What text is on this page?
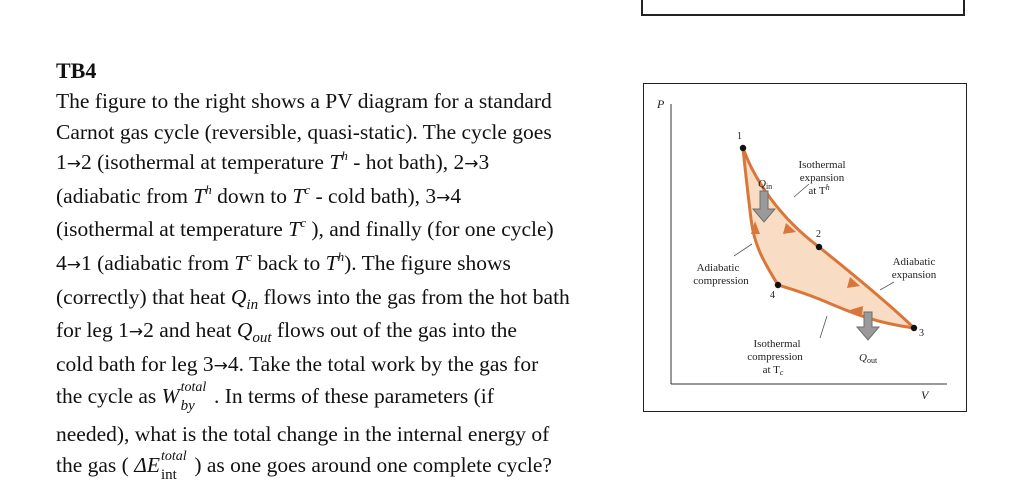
TB4
The figure to the right shows a PV diagram for a standard
Carnot gas cycle (reversible, quasi-static). The cycle goes
1→2 (isothermal at temperature $T^h$ - hot bath), 2→3
(adiabatic from $T^h$ down to $T^c$ - cold bath), 3→4
(isothermal at temperature $T^c$ ), and finally (for one cycle)
4→1 (adiabatic from $T^c$ back to $T^h$). The figure shows
(correctly) that heat $Q_{in}$ flows into the gas from the hot bath
for leg 1→2 and heat $Q_{out}$ flows out of the gas into the
cold bath for leg 3→4. Take the total work by the gas for
the cycle as W total
by . In terms of these parameters (if
needed), what is the total change in the internal energy of
the gas ( ΔE total
int ) as one goes around one complete cycle?
P
V
1
2
3
4
Qin
Qout
Isothermal
expansion
at $T^h$
Adiabatic
expansion
Adiabatic
compression
Isothermal
compression
at Tc
